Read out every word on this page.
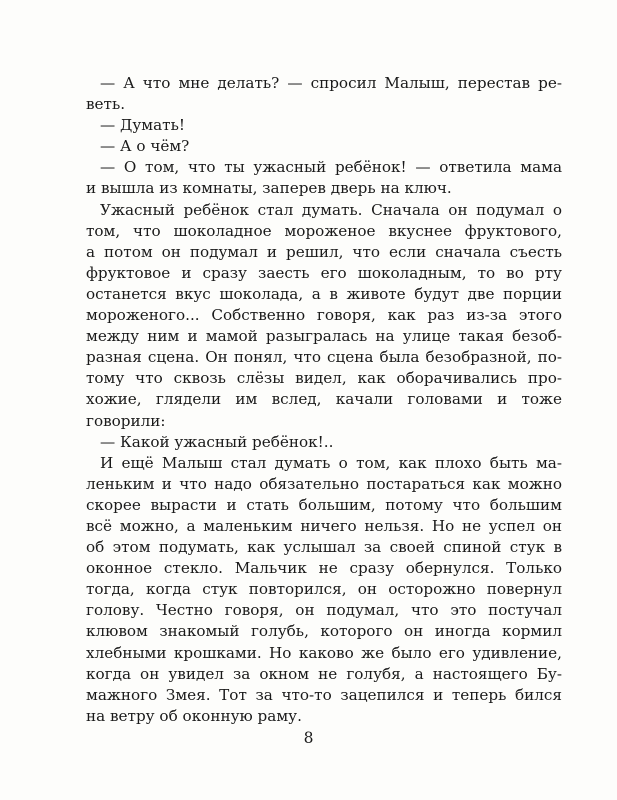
— А что мне делать? — спросил Малыш, перестав ре-
веть.
— Думать!
— А о чём?
— О том, что ты ужасный ребёнок! — ответила мама
и вышла из комнаты, заперев дверь на ключ.
Ужасный ребёнок стал думать. Сначала он подумал о
том, что шоколадное мороженое вкуснее фруктового,
а потом он подумал и решил, что если сначала съесть
фруктовое и сразу заесть его шоколадным, то во рту
останется вкус шоколада, а в животе будут две порции
мороженого... Собственно говоря, как раз из-за этого
между ним и мамой разыгралась на улице такая безоб-
разная сцена. Он понял, что сцена была безобразной, по-
тому что сквозь слёзы видел, как оборачивались про-
хожие, глядели им вслед, качали головами и тоже
говорили:
— Какой ужасный ребёнок!..
И ещё Малыш стал думать о том, как плохо быть ма-
леньким и что надо обязательно постараться как можно
скорее вырасти и стать большим, потому что большим
всё можно, а маленьким ничего нельзя. Но не успел он
об этом подумать, как услышал за своей спиной стук в
оконное стекло. Мальчик не сразу обернулся. Только
тогда, когда стук повторился, он осторожно повернул
голову. Честно говоря, он подумал, что это постучал
клювом знакомый голубь, которого он иногда кормил
хлебными крошками. Но каково же было его удивление,
когда он увидел за окном не голубя, а настоящего Бу-
мажного Змея. Тот за что-то зацепился и теперь бился
на ветру об оконную раму.
8
